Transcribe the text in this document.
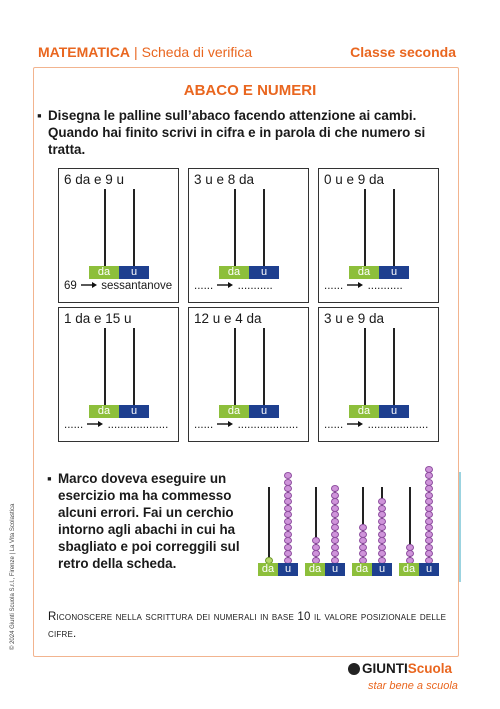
MATEMATICA | Scheda di verifica	Classe seconda
ABACO E NUMERI
▪ Disegna le palline sull’abaco facendo attenzione ai cambi. Quando hai finito scrivi in cifra e in parola di che numero si tratta.
6 da e 9 u
da	u
69 sessantanove
3 u e 8 da
da	u
...... ...........
0 u e 9 da
da	u
...... ...........
1 da e 15 u
da	u
...... ...................
12 u e 4 da
da	u
...... ...................
3 u e 9 da
da	u
...... ...................
▪ Marco doveva eseguire un esercizio ma ha commesso alcuni errori. Fai un cerchio intorno agli abachi in cui ha sbagliato e poi correggili sul retro della scheda.	da u	da u	da u	da u
Riconoscere nella scrittura dei numerali in base 10 il valore posizionale delle cifre.
© 2024 Giunti Scuola S.r.l., Firenze | La Vita Scolastica
GIUNTIScuola
star bene a scuola
